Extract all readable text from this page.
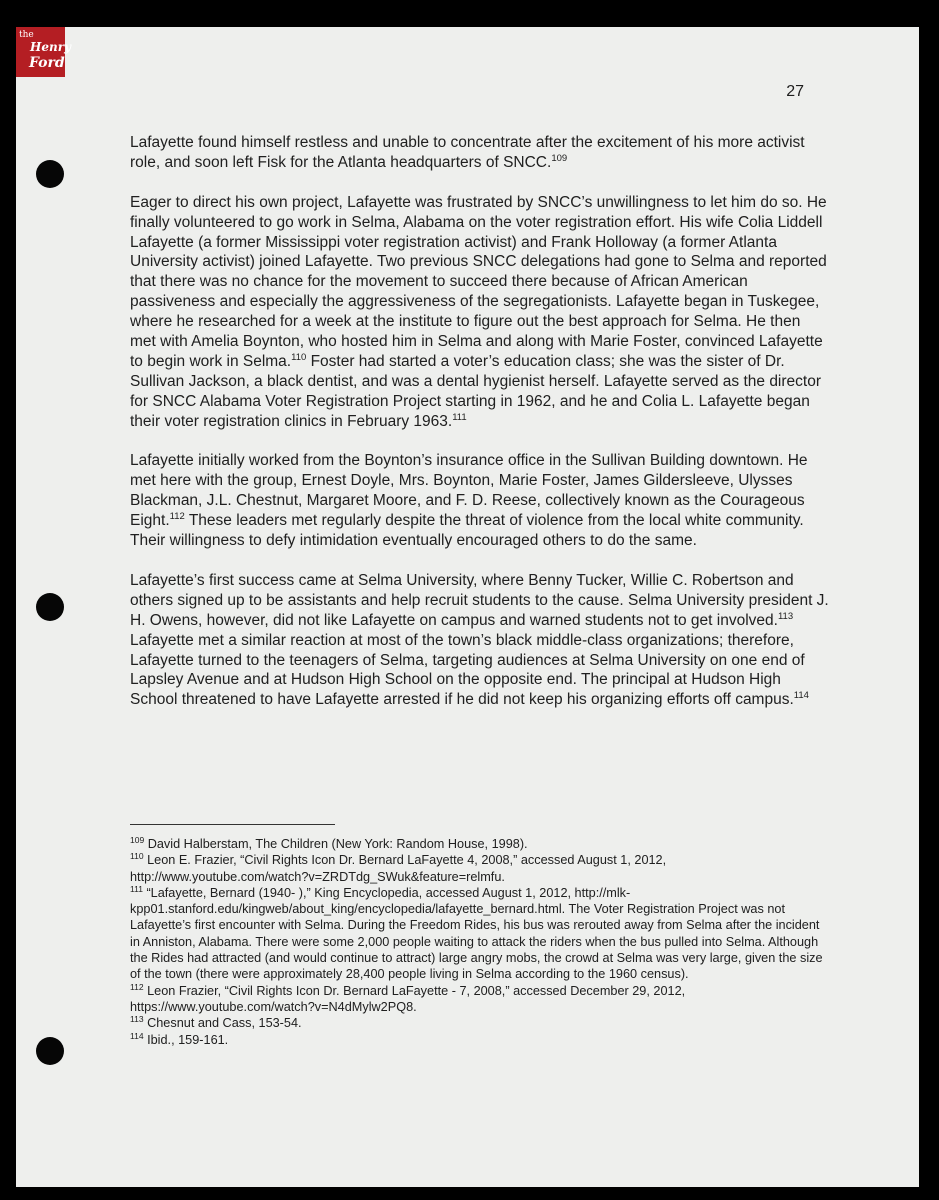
the
Henry
Ford
27

Lafayette found himself restless and unable to concentrate after the excitement of his more activist role, and soon left Fisk for the Atlanta headquarters of SNCC.$^{109}$

Eager to direct his own project, Lafayette was frustrated by SNCC’s unwillingness to let him do so. He finally volunteered to go work in Selma, Alabama on the voter registration effort. His wife Colia Liddell Lafayette (a former Mississippi voter registration activist) and Frank Holloway (a former Atlanta University activist) joined Lafayette. Two previous SNCC delegations had gone to Selma and reported that there was no chance for the movement to succeed there because of African American passiveness and especially the aggressiveness of the segregationists. Lafayette began in Tuskegee, where he researched for a week at the institute to figure out the best approach for Selma. He then met with Amelia Boynton, who hosted him in Selma and along with Marie Foster, convinced Lafayette to begin work in Selma.$^{110}$ Foster had started a voter’s education class; she was the sister of Dr. Sullivan Jackson, a black dentist, and was a dental hygienist herself. Lafayette served as the director for SNCC Alabama Voter Registration Project starting in 1962, and he and Colia L. Lafayette began their voter registration clinics in February 1963.$^{111}$

Lafayette initially worked from the Boynton’s insurance office in the Sullivan Building downtown. He met here with the group, Ernest Doyle, Mrs. Boynton, Marie Foster, James Gildersleeve, Ulysses Blackman, J.L. Chestnut, Margaret Moore, and F. D. Reese, collectively known as the Courageous Eight.$^{112}$ These leaders met regularly despite the threat of violence from the local white community. Their willingness to defy intimidation eventually encouraged others to do the same.

Lafayette’s first success came at Selma University, where Benny Tucker, Willie C. Robertson and others signed up to be assistants and help recruit students to the cause. Selma University president J. H. Owens, however, did not like Lafayette on campus and warned students not to get involved.$^{113}$ Lafayette met a similar reaction at most of the town’s black middle-class organizations; therefore, Lafayette turned to the teenagers of Selma, targeting audiences at Selma University on one end of Lapsley Avenue and at Hudson High School on the opposite end. The principal at Hudson High School threatened to have Lafayette arrested if he did not keep his organizing efforts off campus.$^{114}$

$^{109}$ David Halberstam, The Children (New York: Random House, 1998).

$^{110}$ Leon E. Frazier, “Civil Rights Icon Dr. Bernard LaFayette 4, 2008,” accessed August 1, 2012, http://www.youtube.com/watch?v=ZRDTdg_SWuk&feature=relmfu.

$^{111}$ “Lafayette, Bernard (1940- ),” King Encyclopedia, accessed August 1, 2012, http://mlk-kpp01.stanford.edu/kingweb/about_king/encyclopedia/lafayette_bernard.html. The Voter Registration Project was not Lafayette’s first encounter with Selma. During the Freedom Rides, his bus was rerouted away from Selma after the incident in Anniston, Alabama. There were some 2,000 people waiting to attack the riders when the bus pulled into Selma. Although the Rides had attracted (and would continue to attract) large angry mobs, the crowd at Selma was very large, given the size of the town (there were approximately 28,400 people living in Selma according to the 1960 census).

$^{112}$ Leon Frazier, “Civil Rights Icon Dr. Bernard LaFayette - 7, 2008,” accessed December 29, 2012, https://www.youtube.com/watch?v=N4dMylw2PQ8.

$^{113}$ Chesnut and Cass, 153-54.

$^{114}$ Ibid., 159-161.
